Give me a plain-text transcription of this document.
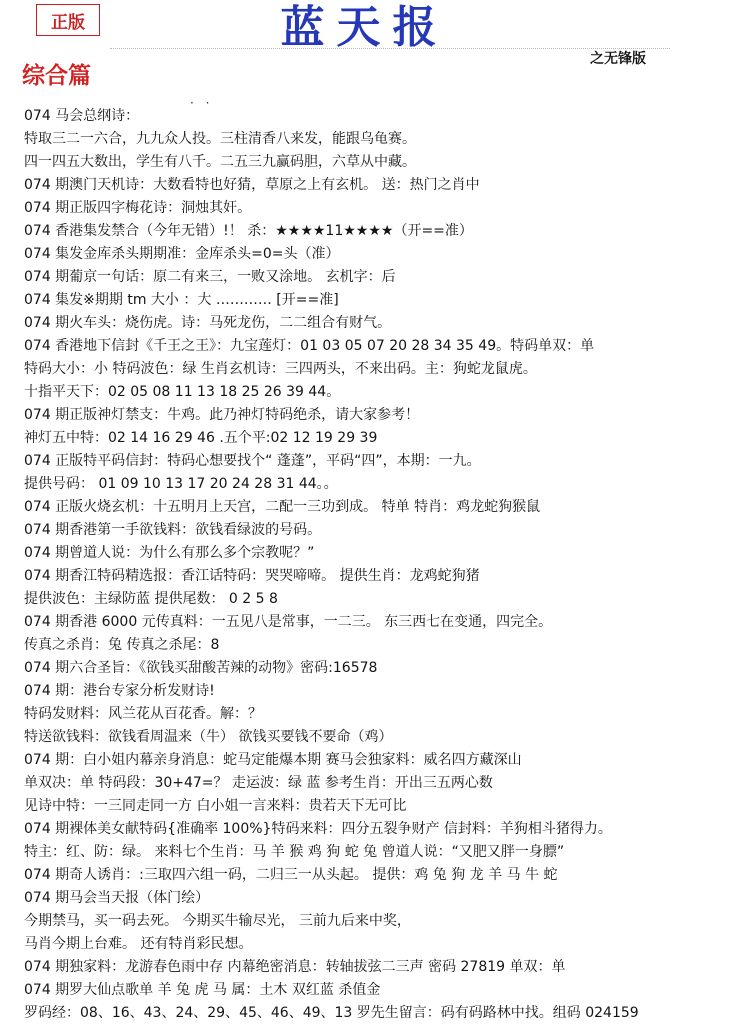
正版	蓝天报
之无锋版
综合篇
· ·
074 马会总纲诗：
特取三二一六合，九九众人投。三柱清香八来发，能跟乌龟赛。
四一四五大数出，学生有八千。二五三九赢码胆，六草从中藏。
074 期澳门天机诗：大数看特也好猜，草原之上有玄机。 送：热门之肖中
074 期正版四字梅花诗：洞烛其奸。
074 香港集发禁合（今年无错）!！ 杀：★★★★11★★★★（开==准）
074 集发金库杀头期期准：金库杀头=0=头（准）
074 期葡京一句话：原二有来三，一败又涂地。 玄机字：后
074 集发※期期 tm 大小 ：大 ………… [开==准]
074 期火车头：烧伤虎。诗：马死龙伤，二二组合有财气。
074 香港地下信封《千王之王》：九宝莲灯：01 03 05 07 20 28 34 35 49。特码单双：单
特码大小：小 特码波色：绿 生肖玄机诗：三四两头，不来出码。主：狗蛇龙鼠虎。
十指平天下：02 05 08 11 13 18 25 26 39 44。
074 期正版神灯禁支：牛鸡。此乃神灯特码绝杀，请大家参考！
神灯五中特：02 14 16 29 46 .五个平:02 12 19 29 39
074 正版特平码信封：特码心想要找个“ 蓬蓬”，平码“四”，本期：一九。
提供号码： 01 09 10 13 17 20 24 28 31 44。。
074 正版火烧玄机：十五明月上天宫，二配一三功到成。 特单 特肖：鸡龙蛇狗猴鼠
074 期香港第一手欲钱料：欲钱看绿波的号码。
074 期曾道人说：为什么有那么多个宗教呢？”
074 期香江特码精选报：香江话特码：哭哭啼啼。 提供生肖：龙鸡蛇狗猪
提供波色：主绿防蓝 提供尾数： 0 2 5 8
074 期香港 6000 元传真料：一五见八是常事，一二三。 东三西七在变通，四完全。
传真之杀肖：兔 传真之杀尾：8
074 期六合圣旨：《欲钱买甜酸苦辣的动物》密码:16578
074 期：港台专家分析发财诗!
特码发财料：风兰花从百花香。解：？
特送欲钱料：欲钱看周温来（牛） 欲钱买要钱不要命（鸡）
074 期：白小姐内幕亲身消息：蛇马定能爆本期 赛马会独家料：威名四方藏深山
单双决：单 特码段：30+47=？ 走运波：绿 蓝 参考生肖：开出三五两心数
见诗中特：一三同走同一方 白小姐一言来料：贵若天下无可比
074 期裸体美女献特码{准确率 100%}特码来料：四分五裂争财产 信封料：羊狗相斗猪得力。
特主：红、防：绿。 来料七个生肖：马 羊 猴 鸡 狗 蛇 兔 曾道人说：“又肥又胖一身膘”
074 期奇人诱肖：:三取四六组一码，二归三一从头起。 提供：鸡 兔 狗 龙 羊 马 牛 蛇
074 期马会当天报（体门绘）
今期禁马，买一码去死。 今期买牛输尽光， 三前九后来中奖，
马肖今期上台难。 还有特肖彩民想。
074 期独家料：龙游春色雨中存 内幕绝密消息：转轴拔弦二三声 密码 27819 单双：单
074 期罗大仙点歌单 羊 兔 虎 马 属：土木 双红蓝 杀值金
罗码经：08、16、43、24、29、45、46、49、13 罗先生留言：码有码路林中找。组码 024159
